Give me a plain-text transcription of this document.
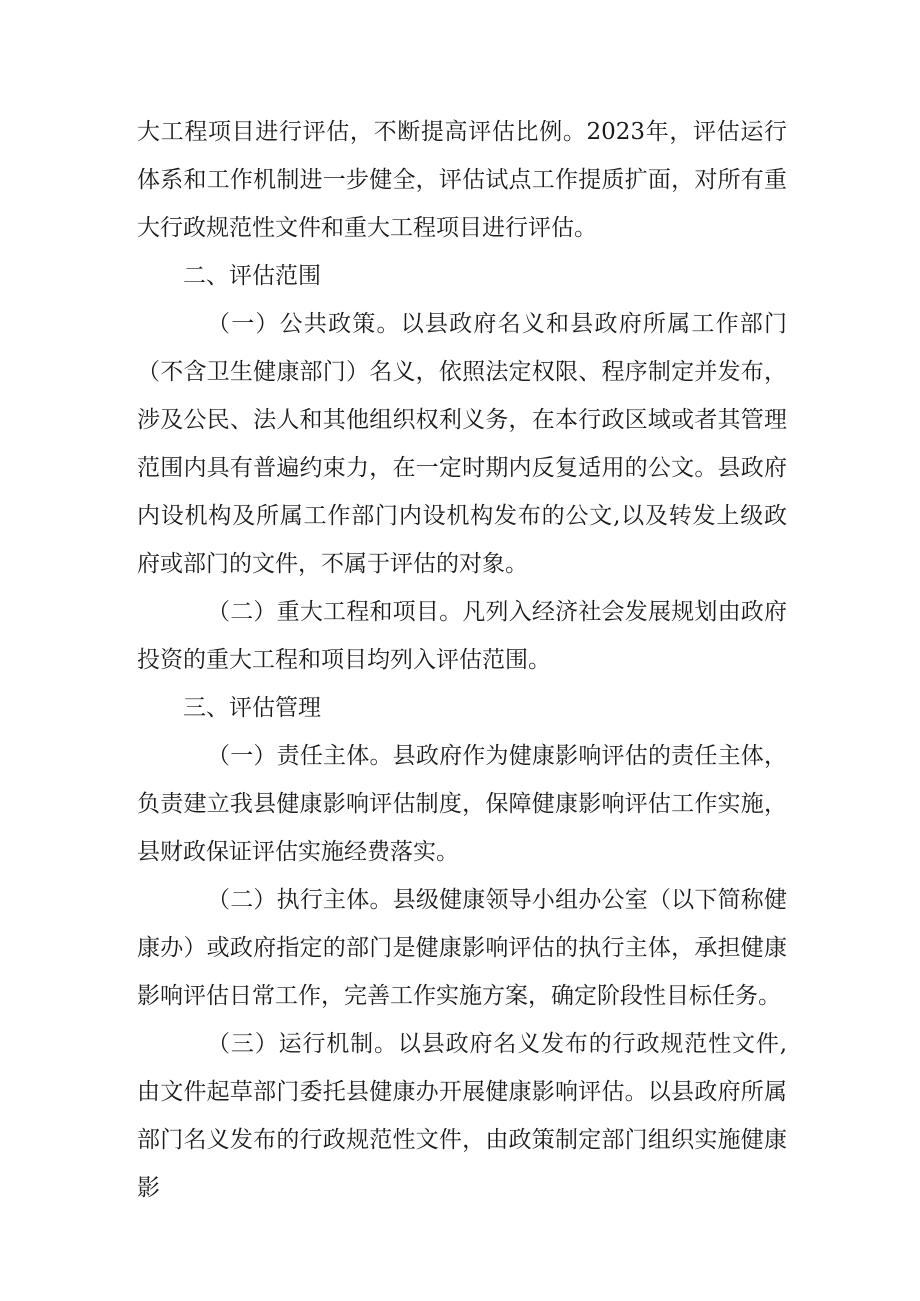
大工程项目进行评估，不断提高评估比例。2023年，评估运行体系和工作机制进一步健全，评估试点工作提质扩面，对所有重大行政规范性文件和重大工程项目进行评估。

二、评估范围

（一）公共政策。以县政府名义和县政府所属工作部门（不含卫生健康部门）名义，依照法定权限、程序制定并发布，涉及公民、法人和其他组织权利义务，在本行政区域或者其管理范围内具有普遍约束力，在一定时期内反复适用的公文。县政府内设机构及所属工作部门内设机构发布的公文,以及转发上级政府或部门的文件，不属于评估的对象。

（二）重大工程和项目。凡列入经济社会发展规划由政府投资的重大工程和项目均列入评估范围。

三、评估管理

（一）责任主体。县政府作为健康影响评估的责任主体，负责建立我县健康影响评估制度，保障健康影响评估工作实施，县财政保证评估实施经费落实。

（二）执行主体。县级健康领导小组办公室（以下简称健康办）或政府指定的部门是健康影响评估的执行主体，承担健康影响评估日常工作，完善工作实施方案，确定阶段性目标任务。

（三）运行机制。以县政府名义发布的行政规范性文件,由文件起草部门委托县健康办开展健康影响评估。以县政府所属部门名义发布的行政规范性文件，由政策制定部门组织实施健康影
